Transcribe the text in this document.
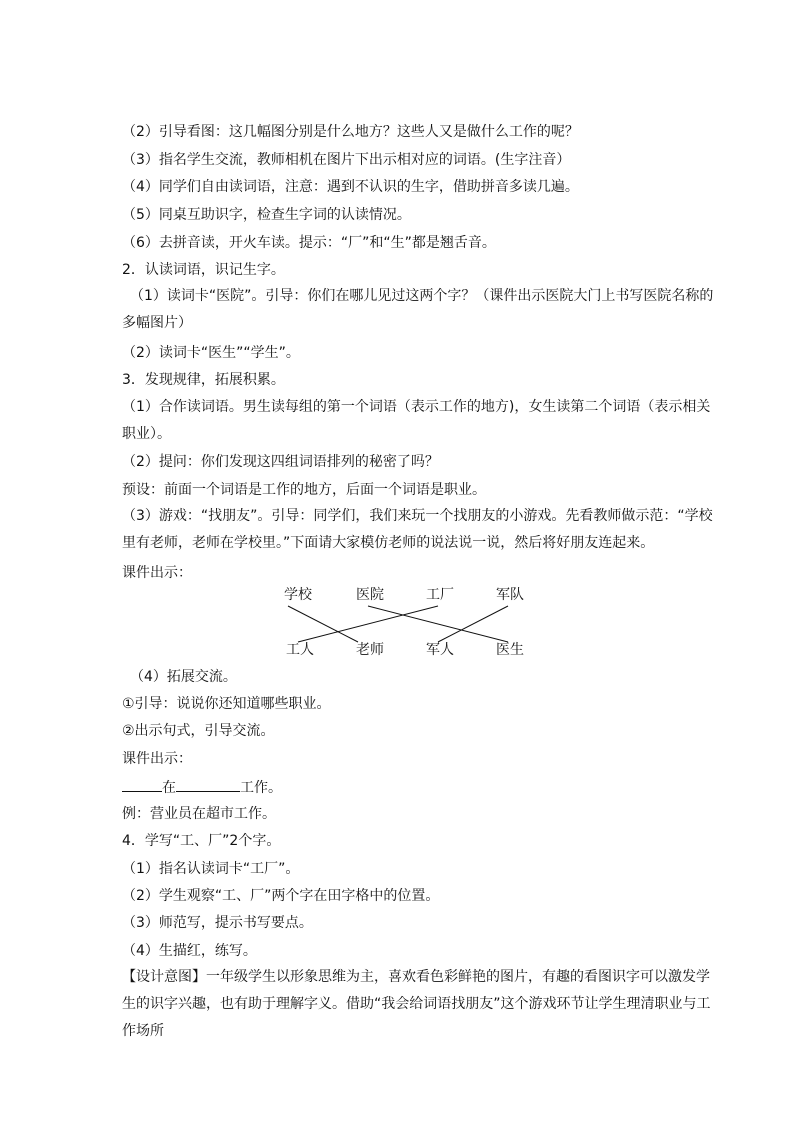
（2）引导看图：这几幅图分别是什么地方？这些人又是做什么工作的呢？
（3）指名学生交流，教师相机在图片下出示相对应的词语。(生字注音）
（4）同学们自由读词语，注意：遇到不认识的生字，借助拼音多读几遍。
（5）同桌互助识字，检查生字词的认读情况。
（6）去拼音读，开火车读。提示：“厂”和“生”都是翘舌音。
2．认读词语，识记生字。
（1）读词卡“医院”。引导：你们在哪儿见过这两个字？（课件出示医院大门上书写医院名称的多幅图片）
（2）读词卡“医生”“学生”。
3．发现规律，拓展积累。
（1）合作读词语。男生读每组的第一个词语（表示工作的地方)，女生读第二个词语（表示相关职业）。
（2）提问：你们发现这四组词语排列的秘密了吗？
预设：前面一个词语是工作的地方，后面一个词语是职业。
（3）游戏：“找朋友”。引导：同学们，我们来玩一个找朋友的小游戏。先看教师做示范：“学校里有老师，老师在学校里。”下面请大家模仿老师的说法说一说，然后将好朋友连起来。
课件出示：
学校	医院	工厂	军队
工人	老师	军人	医生
（4）拓展交流。
①引导：说说你还知道哪些职业。
②出示句式，引导交流。
课件出示：
在	工作。
例：营业员在超市工作。
4．学写“工、厂”2个字。
（1）指名认读词卡“工厂”。
（2）学生观察“工、厂”两个字在田字格中的位置。
（3）师范写，提示书写要点。
（4）生描红，练写。
【设计意图】一年级学生以形象思维为主，喜欢看色彩鲜艳的图片，有趣的看图识字可以激发学生的识字兴趣，也有助于理解字义。借助“我会给词语找朋友”这个游戏环节让学生理清职业与工作场所
